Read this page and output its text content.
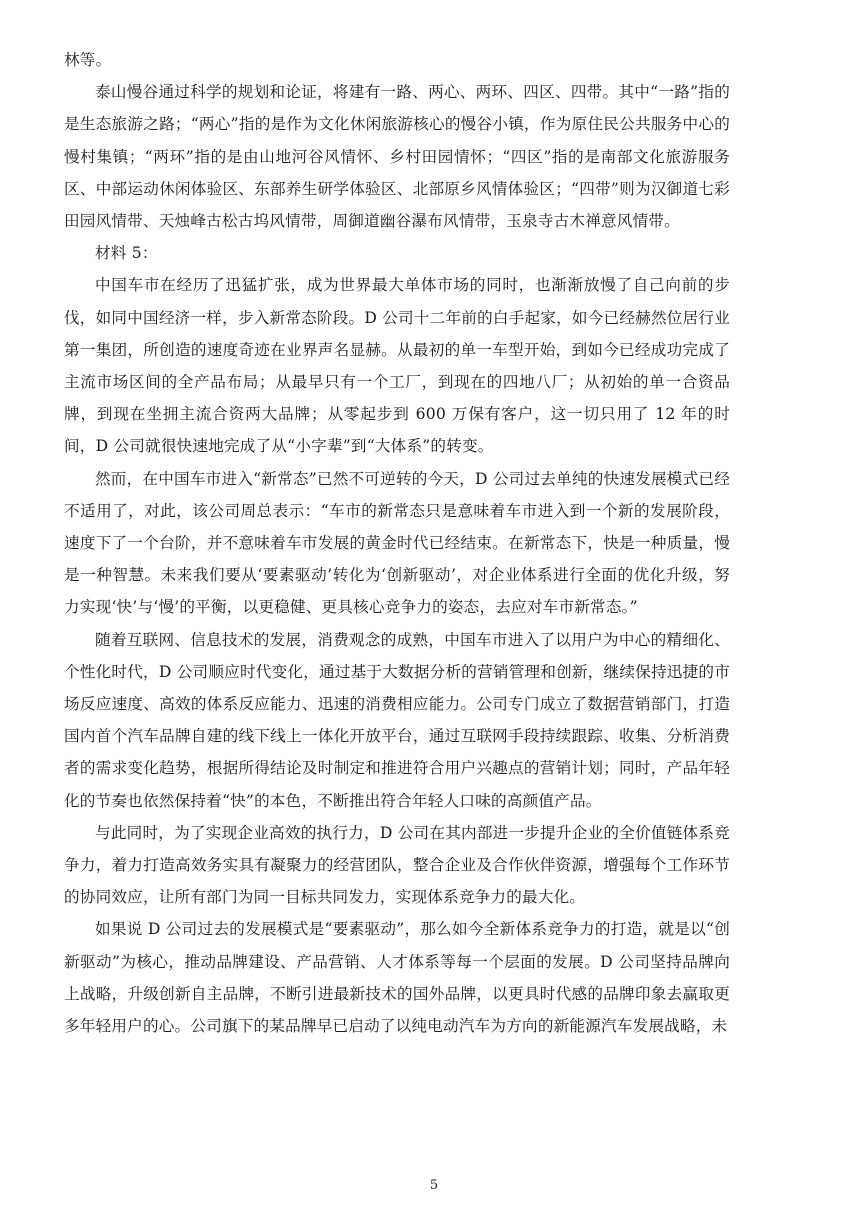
林等。

泰山慢谷通过科学的规划和论证，将建有一路、两心、两环、四区、四带。其中“一路”指的是生态旅游之路；“两心”指的是作为文化休闲旅游核心的慢谷小镇，作为原住民公共服务中心的慢村集镇；“两环”指的是由山地河谷风情怀、乡村田园情怀；“四区”指的是南部文化旅游服务区、中部运动休闲体验区、东部养生研学体验区、北部原乡风情体验区；“四带”则为汉御道七彩田园风情带、天烛峰古松古坞风情带，周御道幽谷瀑布风情带，玉泉寺古木禅意风情带。

材料 5：

中国车市在经历了迅猛扩张，成为世界最大单体市场的同时，也渐渐放慢了自己向前的步伐，如同中国经济一样，步入新常态阶段。D 公司十二年前的白手起家，如今已经赫然位居行业第一集团，所创造的速度奇迹在业界声名显赫。从最初的单一车型开始，到如今已经成功完成了主流市场区间的全产品布局；从最早只有一个工厂，到现在的四地八厂；从初始的单一合资品牌，到现在坐拥主流合资两大品牌；从零起步到 600 万保有客户，这一切只用了 12 年的时间，D 公司就很快速地完成了从“小字辈”到“大体系”的转变。

然而，在中国车市进入“新常态”已然不可逆转的今天，D 公司过去单纯的快速发展模式已经不适用了，对此，该公司周总表示：“车市的新常态只是意味着车市进入到一个新的发展阶段，速度下了一个台阶，并不意味着车市发展的黄金时代已经结束。在新常态下，快是一种质量，慢是一种智慧。未来我们要从‘要素驱动’转化为‘创新驱动’，对企业体系进行全面的优化升级，努力实现‘快’与‘慢’的平衡，以更稳健、更具核心竞争力的姿态，去应对车市新常态。”

随着互联网、信息技术的发展，消费观念的成熟，中国车市进入了以用户为中心的精细化、个性化时代，D 公司顺应时代变化，通过基于大数据分析的营销管理和创新，继续保持迅捷的市场反应速度、高效的体系反应能力、迅速的消费相应能力。公司专门成立了数据营销部门，打造国内首个汽车品牌自建的线下线上一体化开放平台，通过互联网手段持续跟踪、收集、分析消费者的需求变化趋势，根据所得结论及时制定和推进符合用户兴趣点的营销计划；同时，产品年轻化的节奏也依然保持着“快”的本色，不断推出符合年轻人口味的高颜值产品。

与此同时，为了实现企业高效的执行力，D 公司在其内部进一步提升企业的全价值链体系竞争力，着力打造高效务实具有凝聚力的经营团队，整合企业及合作伙伴资源，增强每个工作环节的协同效应，让所有部门为同一目标共同发力，实现体系竞争力的最大化。

如果说 D 公司过去的发展模式是“要素驱动”，那么如今全新体系竞争力的打造，就是以“创新驱动”为核心，推动品牌建设、产品营销、人才体系等每一个层面的发展。D 公司坚持品牌向上战略，升级创新自主品牌，不断引进最新技术的国外品牌，以更具时代感的品牌印象去赢取更多年轻用户的心。公司旗下的某品牌早已启动了以纯电动汽车为方向的新能源汽车发展战略，未

5
